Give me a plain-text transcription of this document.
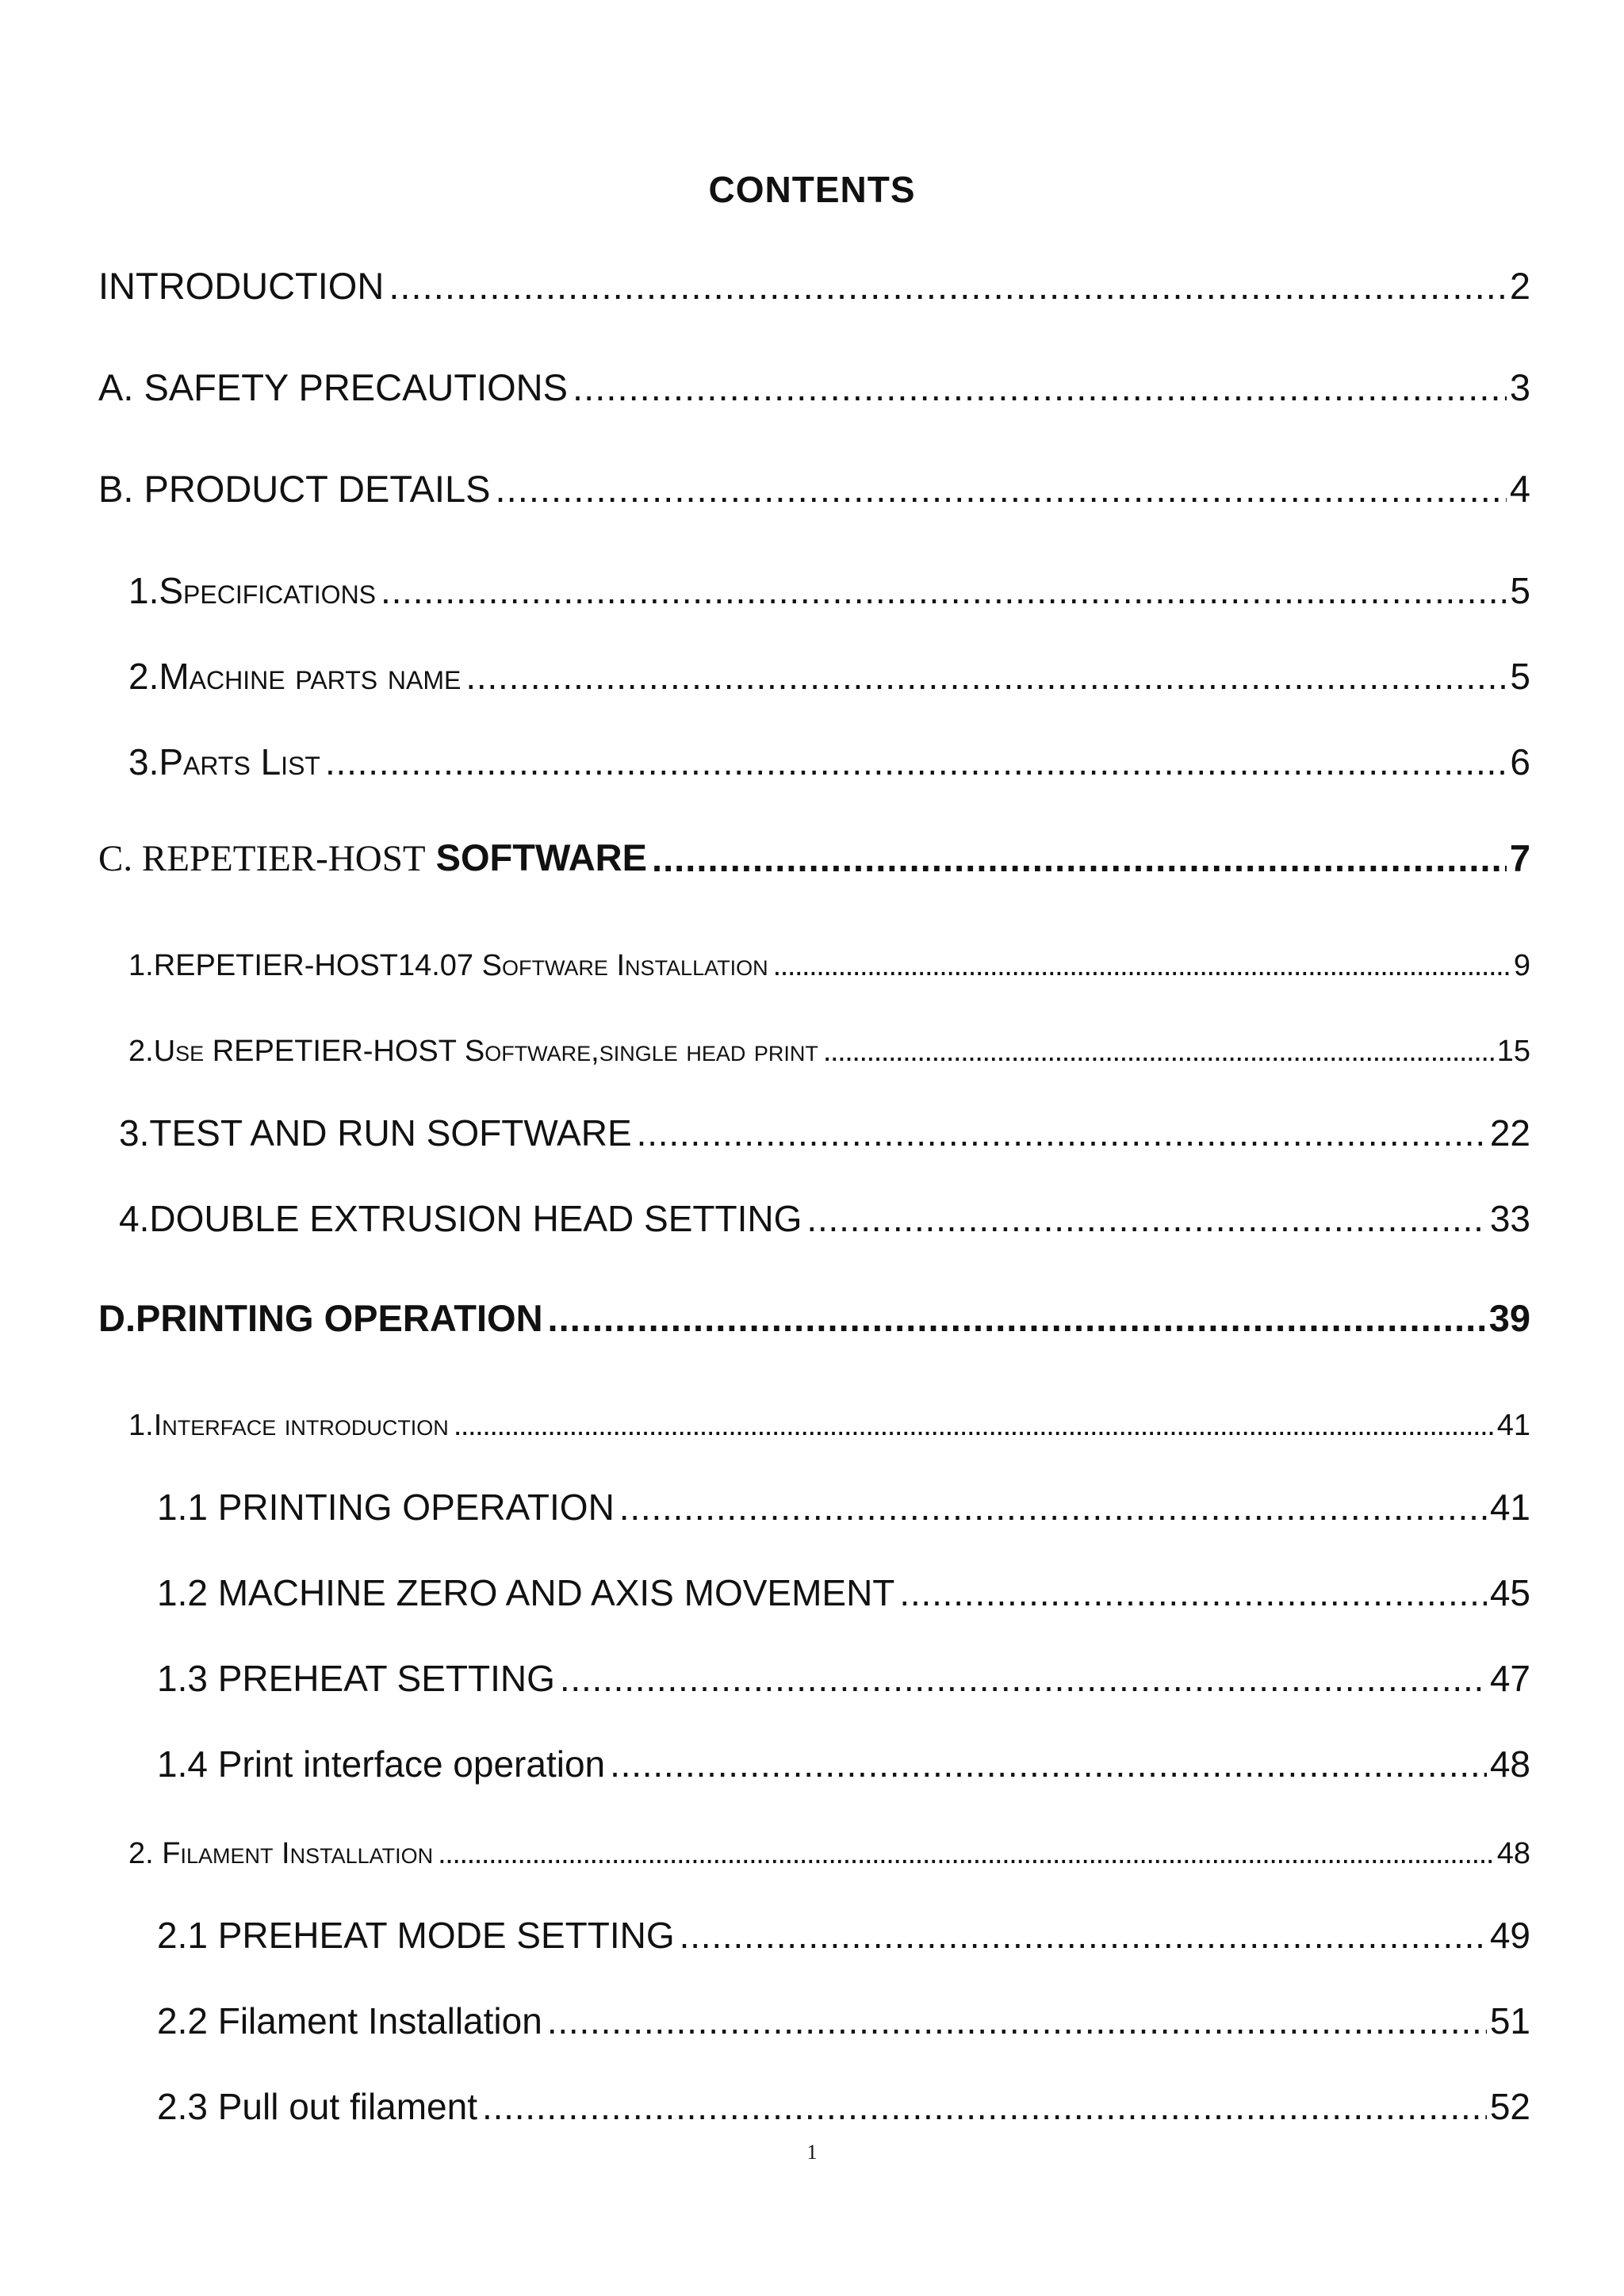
CONTENTS
INTRODUCTION . . .	2
A. SAFETY PRECAUTIONS . . .	3
B. PRODUCT DETAILS . . .	4
1.Specifications . . .	5
2.Machine parts name . . .	5
3.Parts List . . .	6
C. REPETIER-HOST SOFTWARE . . .	7
1.REPETIER-HOST14.07 Software Installation . . .	9
2.Use REPETIER-HOST Software,single head print . . .	15
3.TEST AND RUN SOFTWARE . . .	22
4.DOUBLE EXTRUSION HEAD SETTING . . .	33
D.PRINTING OPERATION . . .	39
1.Interface introduction . . .	41
1.1 PRINTING OPERATION . . .	41
1.2 MACHINE ZERO AND AXIS MOVEMENT . . .	45
1.3 PREHEAT SETTING . . .	47
1.4 Print interface operation . . .	48
2. Filament Installation . . .	48
2.1 PREHEAT MODE SETTING . . .	49
2.2 Filament Installation . . .	51
2.3 Pull out filament . . .	52
1
